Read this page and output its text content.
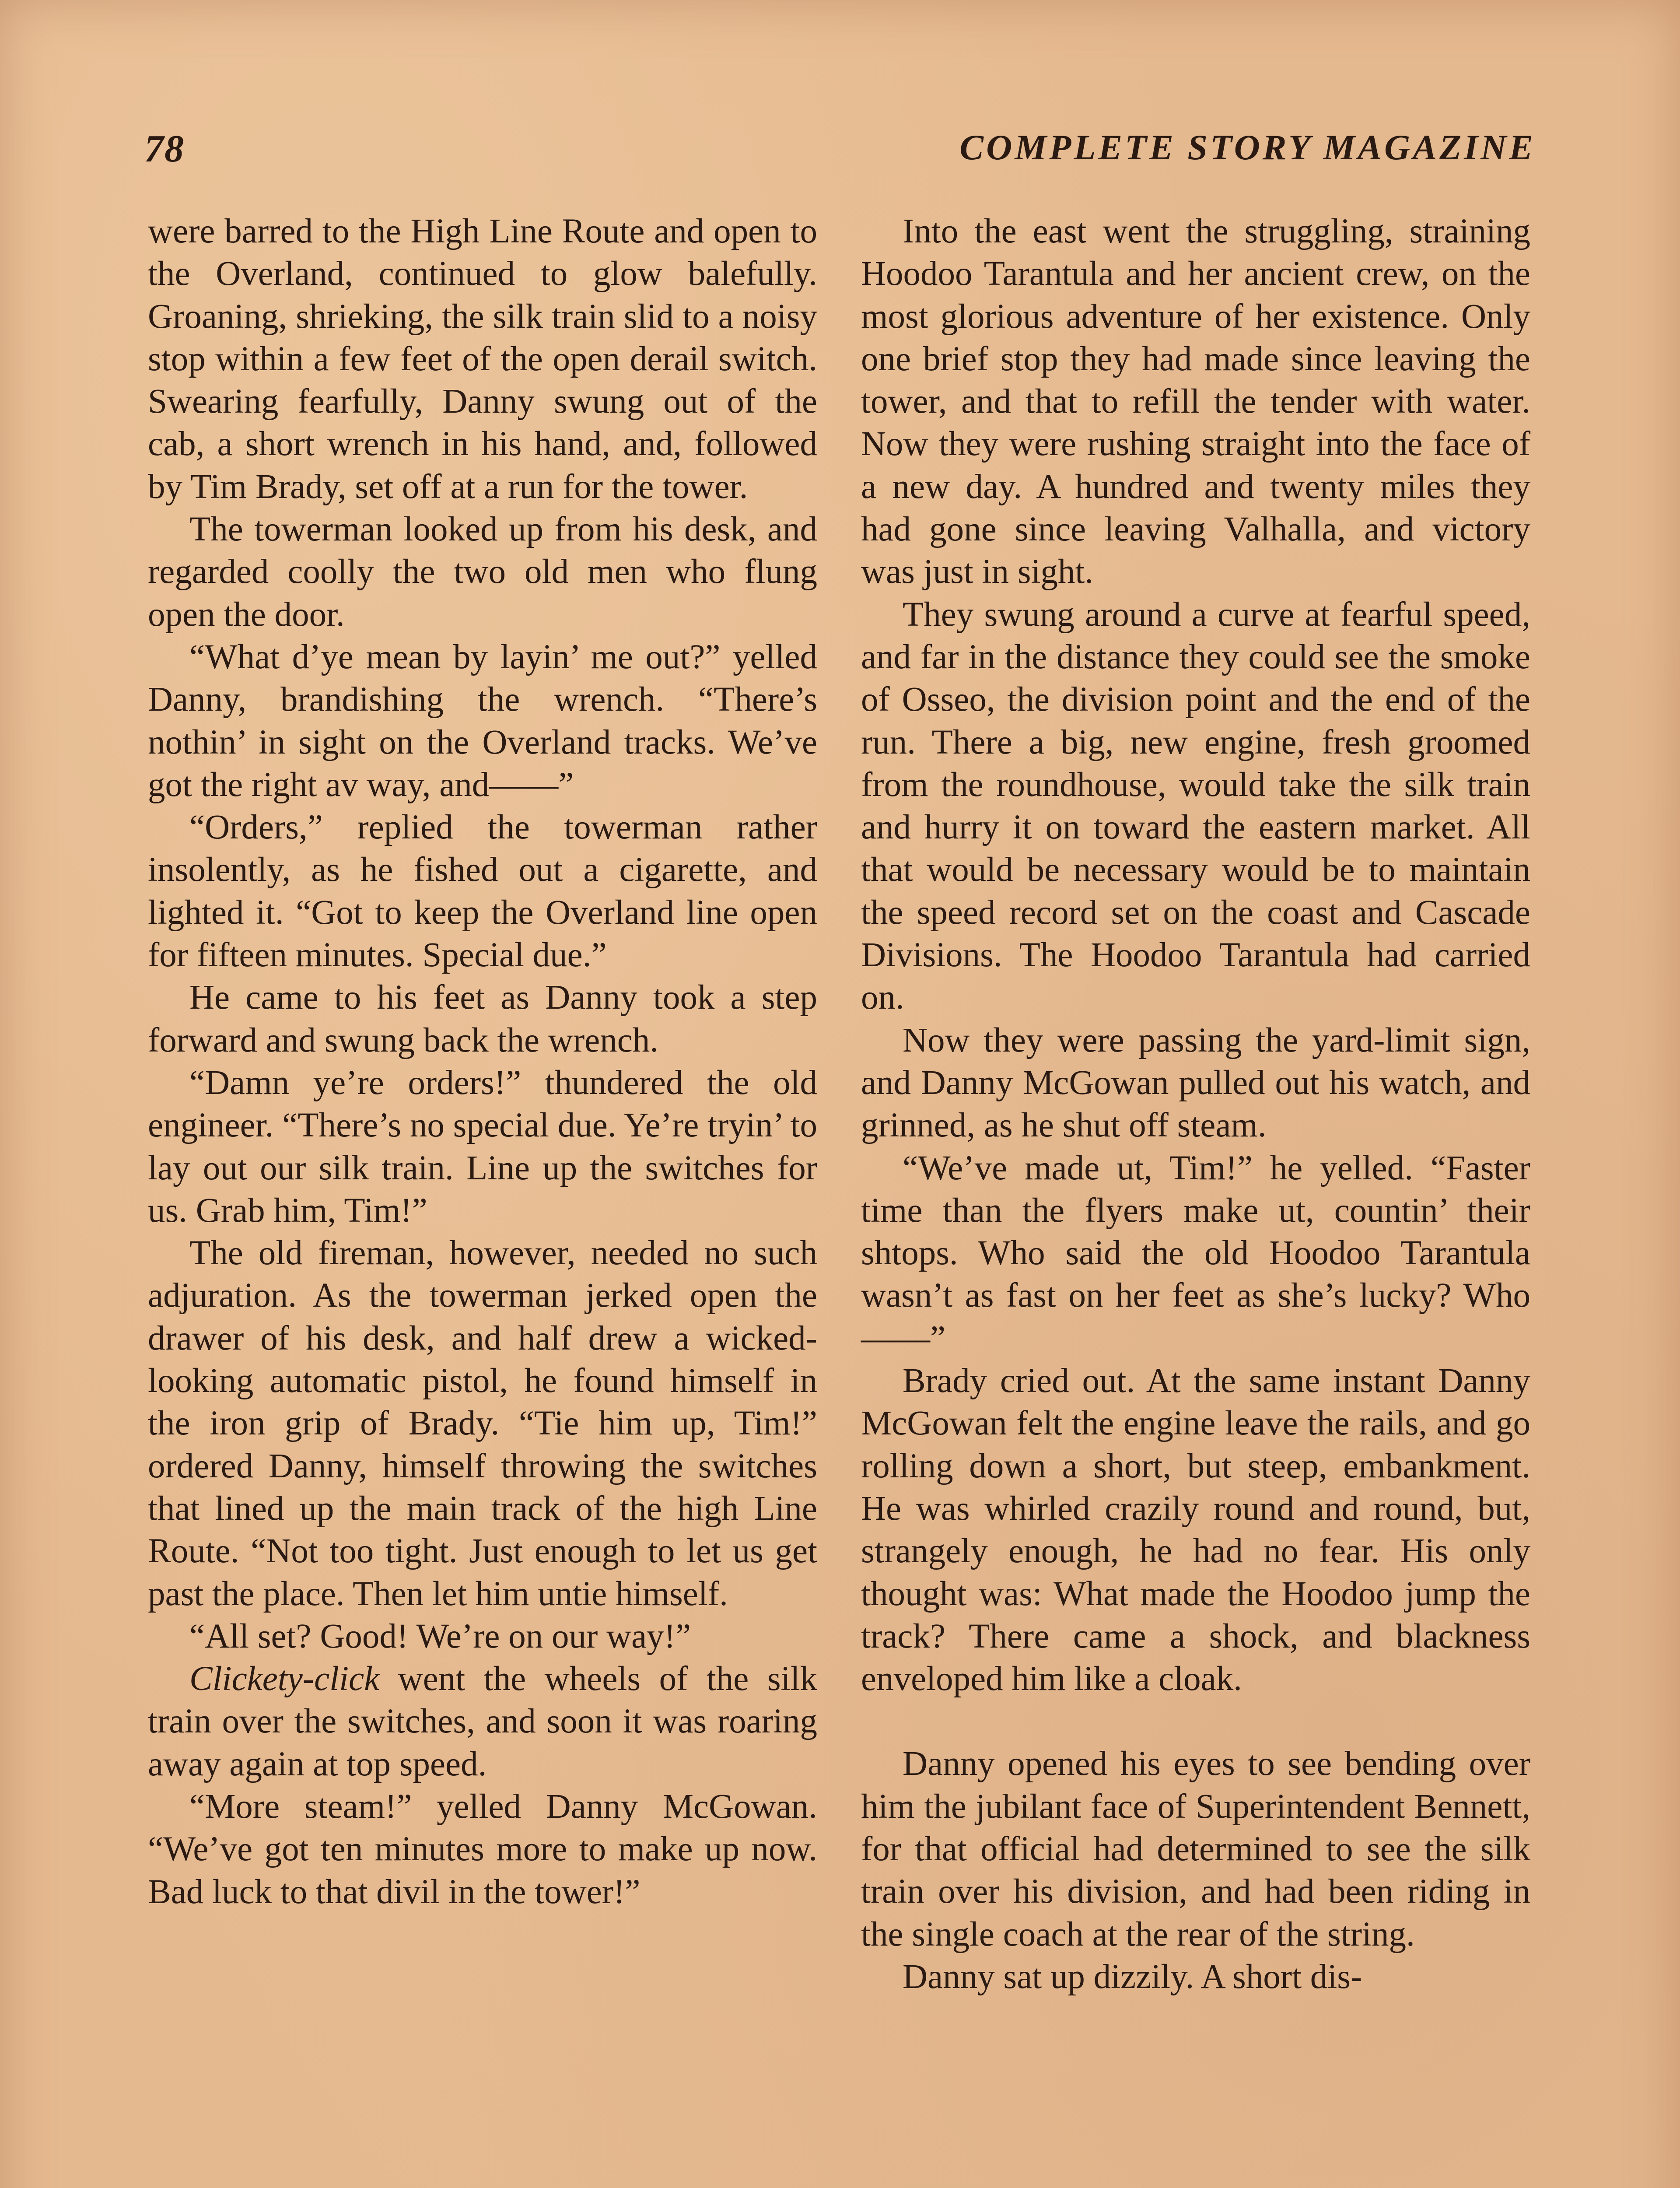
78	COMPLETE STORY MAGAZINE

were barred to the High Line Route and open to the Overland, continued to glow balefully. Groaning, shrieking, the silk train slid to a noisy stop within a few feet of the open derail switch. Swearing fearfully, Danny swung out of the cab, a short wrench in his hand, and, followed by Tim Brady, set off at a run for the tower.

The towerman looked up from his desk, and regarded coolly the two old men who flung open the door.

“What d’ye mean by layin’ me out?” yelled Danny, brandishing the wrench. “There’s nothin’ in sight on the Overland tracks. We’ve got the right av way, and——”

“Orders,” replied the towerman rather insolently, as he fished out a cigarette, and lighted it. “Got to keep the Overland line open for fifteen minutes. Special due.”

He came to his feet as Danny took a step forward and swung back the wrench.

“Damn ye’re orders!” thundered the old engineer. “There’s no special due. Ye’re tryin’ to lay out our silk train. Line up the switches for us. Grab him, Tim!”

The old fireman, however, needed no such adjuration. As the towerman jerked open the drawer of his desk, and half drew a wicked-looking automatic pistol, he found himself in the iron grip of Brady. “Tie him up, Tim!” ordered Danny, himself throwing the switches that lined up the main track of the high Line Route. “Not too tight. Just enough to let us get past the place. Then let him untie himself.

“All set? Good! We’re on our way!”

Clickety-click went the wheels of the silk train over the switches, and soon it was roaring away again at top speed.

“More steam!” yelled Danny McGowan. “We’ve got ten minutes more to make up now. Bad luck to that divil in the tower!”

Into the east went the struggling, straining Hoodoo Tarantula and her ancient crew, on the most glorious adventure of her existence. Only one brief stop they had made since leaving the tower, and that to refill the tender with water. Now they were rushing straight into the face of a new day. A hundred and twenty miles they had gone since leaving Valhalla, and victory was just in sight.

They swung around a curve at fearful speed, and far in the distance they could see the smoke of Osseo, the division point and the end of the run. There a big, new engine, fresh groomed from the roundhouse, would take the silk train and hurry it on toward the eastern market. All that would be necessary would be to maintain the speed record set on the coast and Cascade Divisions. The Hoodoo Tarantula had carried on.

Now they were passing the yard-limit sign, and Danny McGowan pulled out his watch, and grinned, as he shut off steam.

“We’ve made ut, Tim!” he yelled. “Faster time than the flyers make ut, countin’ their shtops. Who said the old Hoodoo Tarantula wasn’t as fast on her feet as she’s lucky? Who——”

Brady cried out. At the same instant Danny McGowan felt the engine leave the rails, and go rolling down a short, but steep, embankment. He was whirled crazily round and round, but, strangely enough, he had no fear. His only thought was: What made the Hoodoo jump the track? There came a shock, and blackness enveloped him like a cloak.

Danny opened his eyes to see bending over him the jubilant face of Superintendent Bennett, for that official had determined to see the silk train over his division, and had been riding in the single coach at the rear of the string.

Danny sat up dizzily. A short dis-
